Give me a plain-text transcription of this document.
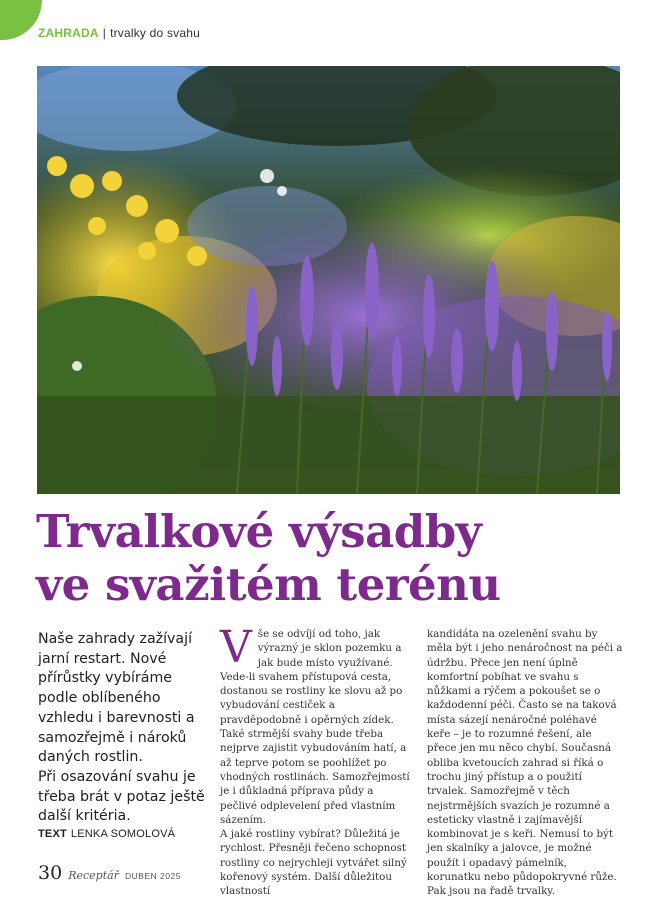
ZAHRADA | trvalky do svahu
Trvalkové výsadby
ve svažitém terénu

Naše zahrady zažívají jarní restart. Nové přírůstky vybíráme podle oblíbeného vzhledu i barevnosti a samozřejmě i nároků daných rostlin.

Při osazování svahu je třeba brát v potaz ještě další kritéria.

TEXT LENKA SOMOLOVÁ

Vše se odvíjí od toho, jak výrazný je sklon pozemku a jak bude místo využívané. Vede-li svahem přístupová cesta, dostanou se rostliny ke slovu až po vybudování cestiček a pravděpodobně i opěrných zídek. Také strmější svahy bude třeba nejprve zajistit vybudováním hatí, a až teprve potom se poohlížet po vhodných rostlinách. Samozřejmostí je i důkladná příprava půdy a pečlivé odplevelení před vlastním sázením.

A jaké rostliny vybírat? Důležitá je rychlost. Přesněji řečeno schopnost rostliny co nejrychleji vytvářet silný kořenový systém. Další důležitou vlastností

kandidáta na ozelenění svahu by měla být i jeho nenáročnost na péči a údržbu. Přece jen není úplně komfortní pobíhat ve svahu s nůžkami a rýčem a pokoušet se o každodenní péči. Často se na taková místa sázejí nenáročné poléhavé keře – je to rozumné řešení, ale přece jen mu něco chybí. Současná obliba kvetoucích zahrad si říká o trochu jiný přístup a o použití trvalek. Samozřejmě v těch nejstrmějších svazích je rozumné a esteticky vlastně i zajímavější kombinovat je s keři. Nemusí to být jen skalníky a jalovce, je možné použít i opadavý pámelník, korunatku nebo půdopokryvné růže. Pak jsou na řadě trvalky.

30 Receptář DUBEN 2025
